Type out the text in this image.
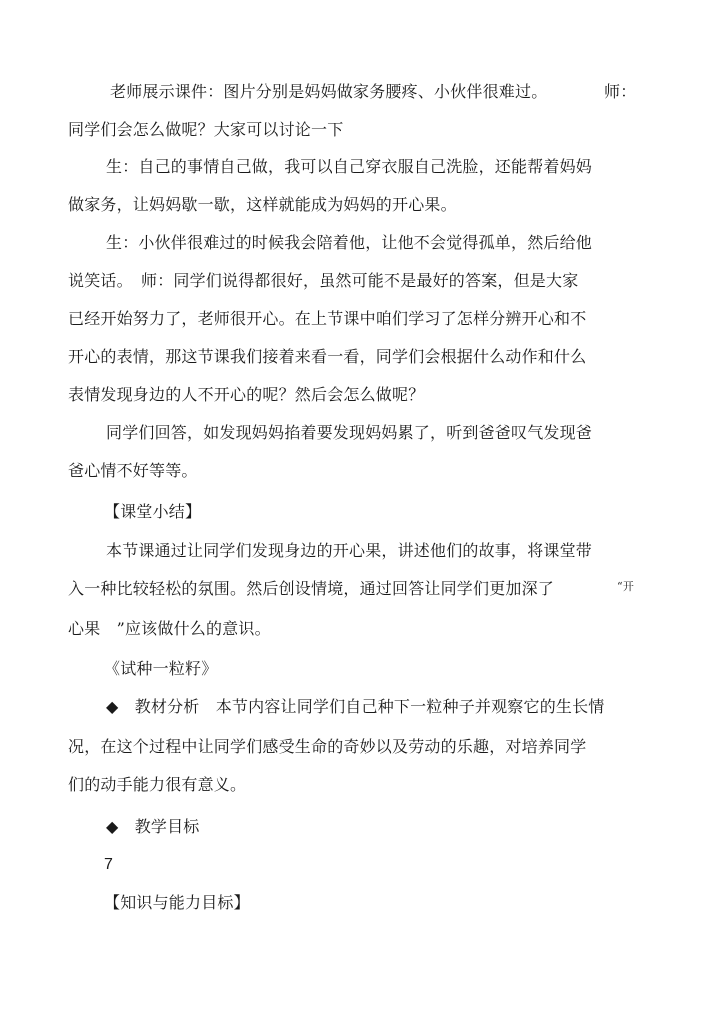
老师展示课件：图片分别是妈妈做家务腰疼、小伙伴很难过。	师：
同学们会怎么做呢？大家可以讨论一下
生：自己的事情自己做，我可以自己穿衣服自己洗脸，还能帮着妈妈
做家务，让妈妈歇一歇，这样就能成为妈妈的开心果。
生：小伙伴很难过的时候我会陪着他，让他不会觉得孤单，然后给他
说笑话。　师：同学们说得都很好，虽然可能不是最好的答案，但是大家
已经开始努力了，老师很开心。在上节课中咱们学习了怎样分辨开心和不
开心的表情，那这节课我们接着来看一看，同学们会根据什么动作和什么
表情发现身边的人不开心的呢？然后会怎么做呢？
同学们回答，如发现妈妈掐着要发现妈妈累了，听到爸爸叹气发现爸
爸心情不好等等。
【课堂小结】
本节课通过让同学们发现身边的开心果，讲述他们的故事，将课堂带
入一种比较轻松的氛围。然后创设情境，通过回答让同学们更加深了	“开
心果　”应该做什么的意识。
《试种一粒籽》
◆　教材分析　本节内容让同学们自己种下一粒种子并观察它的生长情
况，在这个过程中让同学们感受生命的奇妙以及劳动的乐趣，对培养同学
们的动手能力很有意义。
◆　教学目标
7
【知识与能力目标】
